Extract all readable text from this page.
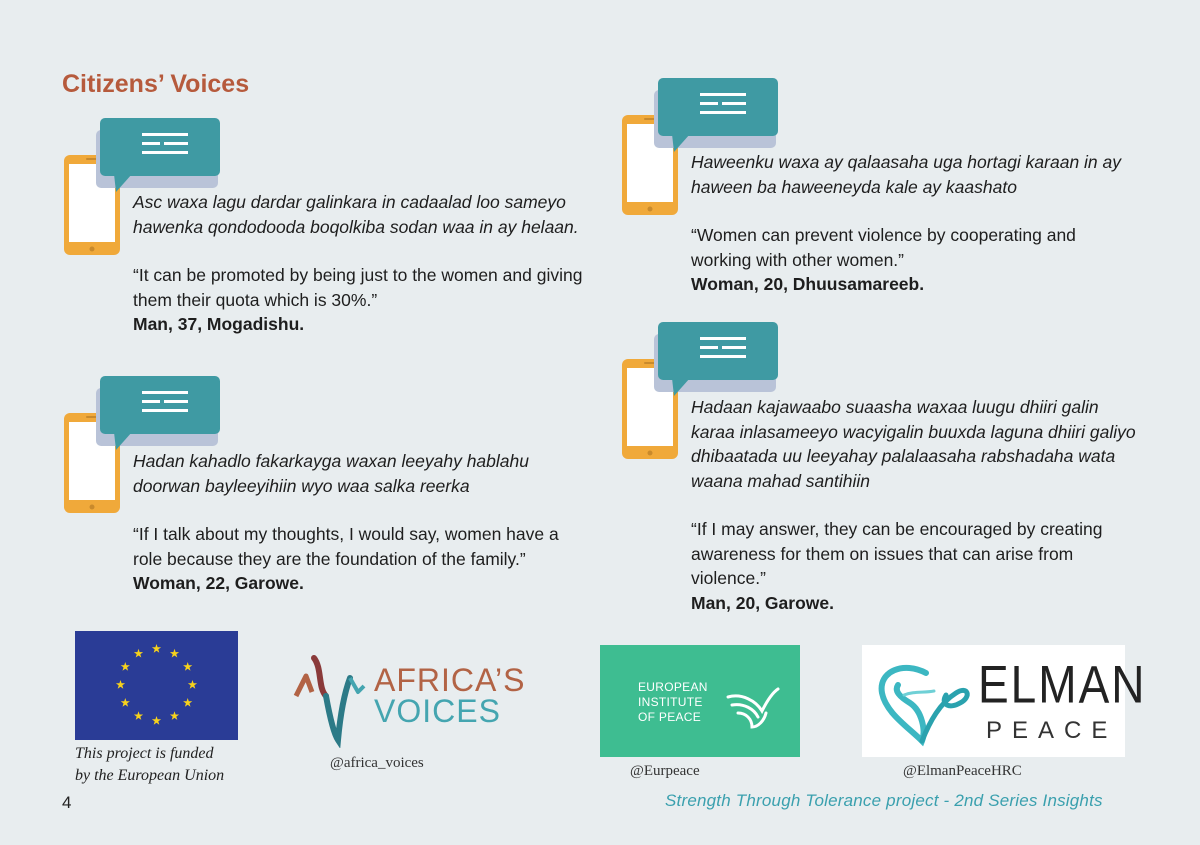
Citizens’ Voices
Asc waxa lagu dardar galinkara in cadaalad loo sameyo hawenka qondodooda boqolkiba sodan waa in ay helaan.
“It can be promoted by being just to the women and giving them their quota which is 30%.”
Man, 37, Mogadishu.
Hadan kahadlo fakarkaygа waxan leeyahy hablahu doorwan bayleeyihiin wyo waa salka reerka
“If I talk about my thoughts, I would say, women have a role because they are the foundation of the family.”
Woman, 22, Garowe.
Haweenku waxa ay qalaasaha uga hortagi karaan in ay haween ba haweeneyda kale ay kaashato
“Women can prevent violence by cooperating and working with other women.”
Woman, 20, Dhuusamareeb.
Hadaan kajawaabo suaasha waxaa luugu dhiiri galin karaa inlasameeyo wacyigalin buuxda laguna dhiiri galiyo dhibaatada uu leeyahay palalaasaha rabshadaha wata waana mahad santihiin
“If I may answer, they can be encouraged by creating awareness for them on issues that can arise from violence.”
Man, 20, Garowe.
This project is funded
by the European Union
AFRICA’S
VOICES
@africa_voices
EUROPEAN
INSTITUTE
OF PEACE
@Eurpeace
ELMAN
PEACE
@ElmanPeaceHRC
4	Strength Through Tolerance project - 2nd Series Insights
